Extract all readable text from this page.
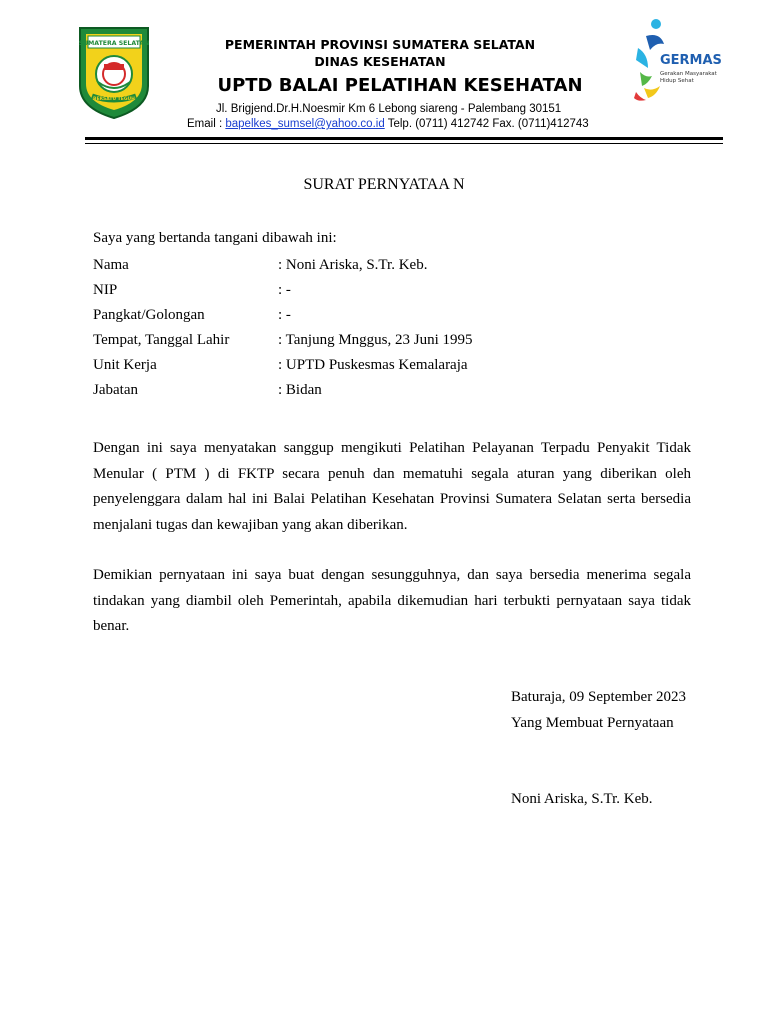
SUMATERA SELATAN
BERSATU TEGUH
PEMERINTAH PROVINSI SUMATERA SELATAN
DINAS KESEHATAN
UPTD BALAI PELATIHAN KESEHATAN
Jl. Brigjend.Dr.H.Noesmir Km 6 Lebong siareng - Palembang 30151
Email : bapelkes_sumsel@yahoo.co.id Telp. (0711) 412742 Fax. (0711)412743
GERMAS
Gerakan Masyarakat
Hidup Sehat
SURAT PERNYATAA N
Saya yang bertanda tangani dibawah ini:
Nama	: Noni Ariska, S.Tr. Keb.
NIP	: -
Pangkat/Golongan	: -
Tempat, Tanggal Lahir	: Tanjung Mnggus, 23 Juni 1995
Unit Kerja	: UPTD Puskesmas Kemalaraja
Jabatan	: Bidan
Dengan ini saya menyatakan sanggup mengikuti Pelatihan Pelayanan Terpadu Penyakit Tidak Menular ( PTM ) di FKTP secara penuh dan mematuhi segala aturan yang diberikan oleh penyelenggara dalam hal ini Balai Pelatihan Kesehatan Provinsi Sumatera Selatan serta bersedia menjalani tugas dan kewajiban yang akan diberikan.
Demikian pernyataan ini saya buat dengan sesungguhnya, dan saya bersedia menerima segala tindakan yang diambil oleh Pemerintah, apabila dikemudian hari terbukti pernyataan saya tidak benar.
Baturaja, 09 September 2023
Yang Membuat Pernyataan
Noni Ariska, S.Tr. Keb.
